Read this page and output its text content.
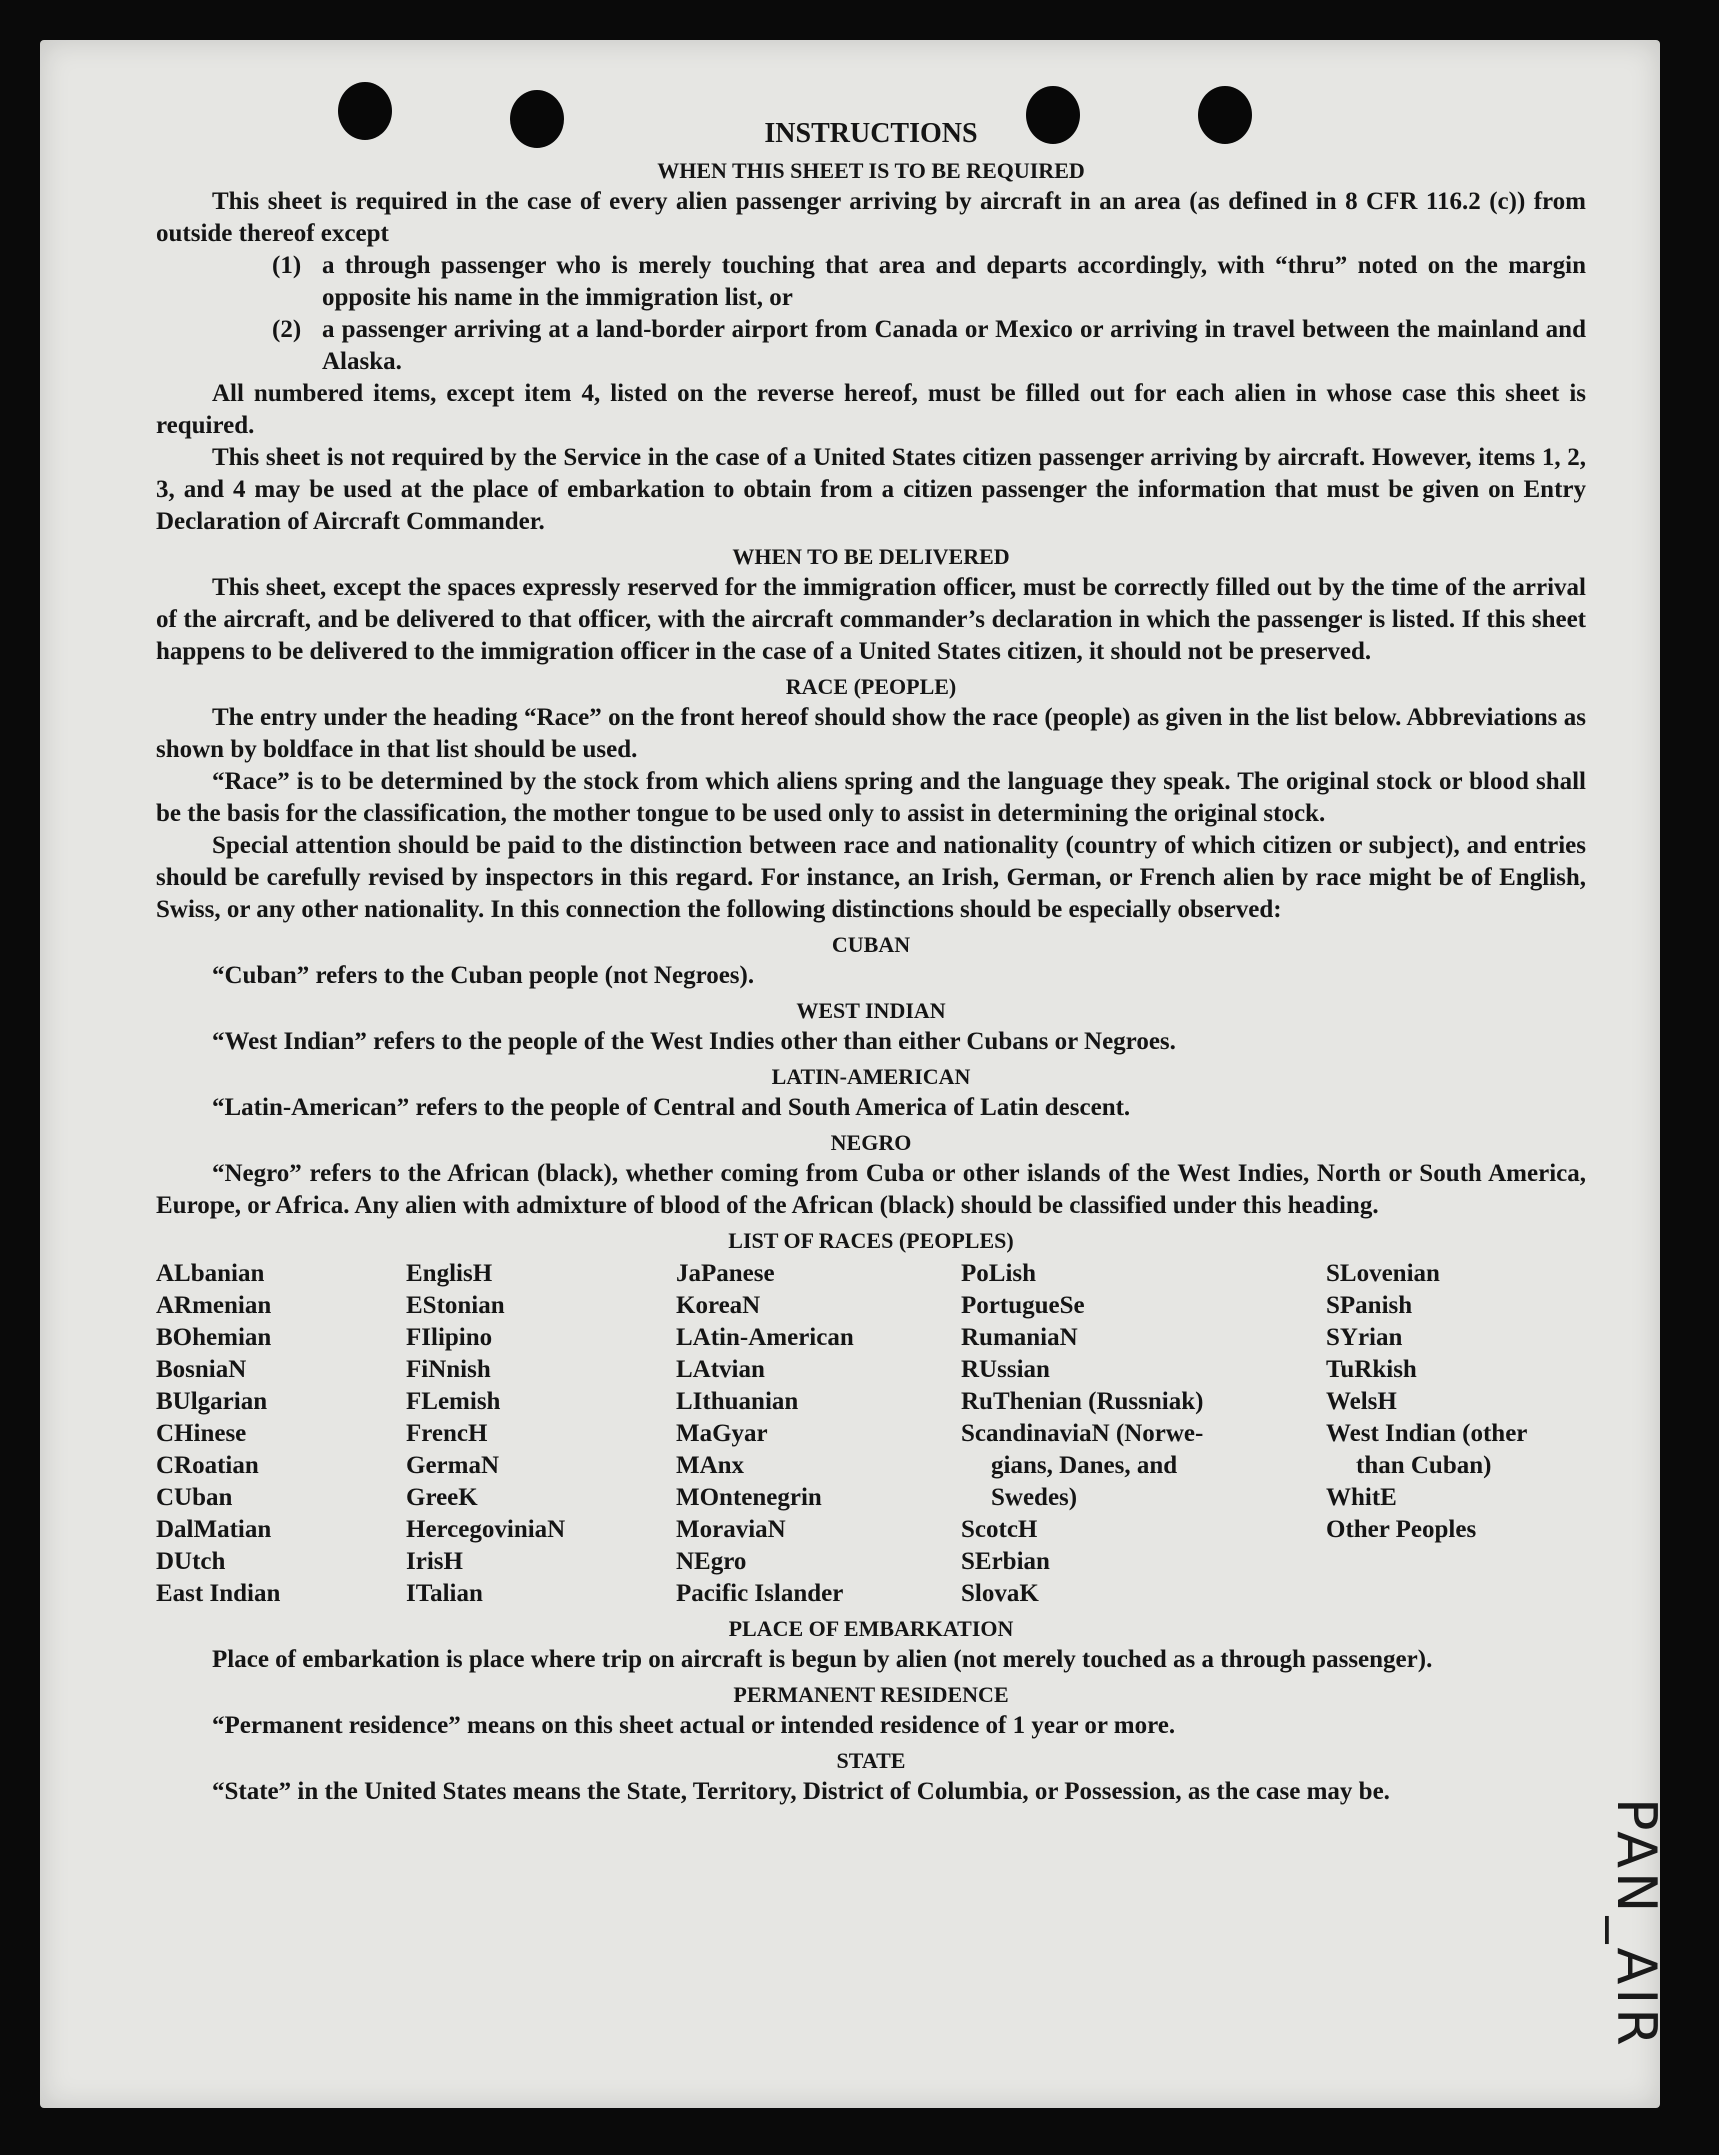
INSTRUCTIONS
WHEN THIS SHEET IS TO BE REQUIRED

This sheet is required in the case of every alien passenger arriving by aircraft in an area (as defined in 8 CFR 116.2 (c)) from outside thereof except

(1) a through passenger who is merely touching that area and departs accordingly, with “thru” noted on the margin opposite his name in the immigration list, or
(2) a passenger arriving at a land-border airport from Canada or Mexico or arriving in travel between the mainland and Alaska.

All numbered items, except item 4, listed on the reverse hereof, must be filled out for each alien in whose case this sheet is required.

This sheet is not required by the Service in the case of a United States citizen passenger arriving by aircraft. However, items 1, 2, 3, and 4 may be used at the place of embarkation to obtain from a citizen passenger the information that must be given on Entry Declaration of Aircraft Commander.

WHEN TO BE DELIVERED

This sheet, except the spaces expressly reserved for the immigration officer, must be correctly filled out by the time of the arrival of the aircraft, and be delivered to that officer, with the aircraft commander’s declaration in which the passenger is listed. If this sheet happens to be delivered to the immigration officer in the case of a United States citizen, it should not be preserved.

RACE (PEOPLE)

The entry under the heading “Race” on the front hereof should show the race (people) as given in the list below. Abbreviations as shown by boldface in that list should be used.

“Race” is to be determined by the stock from which aliens spring and the language they speak. The original stock or blood shall be the basis for the classification, the mother tongue to be used only to assist in determining the original stock.

Special attention should be paid to the distinction between race and nationality (country of which citizen or subject), and entries should be carefully revised by inspectors in this regard. For instance, an Irish, German, or French alien by race might be of English, Swiss, or any other nationality. In this connection the following distinctions should be especially observed:

CUBAN

“Cuban” refers to the Cuban people (not Negroes).

WEST INDIAN

“West Indian” refers to the people of the West Indies other than either Cubans or Negroes.

LATIN-AMERICAN

“Latin-American” refers to the people of Central and South America of Latin descent.

NEGRO

“Negro” refers to the African (black), whether coming from Cuba or other islands of the West Indies, North or South America, Europe, or Africa. Any alien with admixture of blood of the African (black) should be classified under this heading.

LIST OF RACES (PEOPLES)
ALbanian
ARmenian
BOhemian
BosniaN
BUlgarian
CHinese
CRoatian
CUban
DalMatian
DUtch
East Indian
EnglisH
EStonian
FIlipino
FiNnish
FLemish
FrencH
GermaN
GreeK
HercegoviniaN
IrisH
ITalian
JaPanese
KoreaN
LAtin-American
LAtvian
LIthuanian
MaGyar
MAnx
MOntenegrin
MoraviaN
NEgro
Pacific Islander
PoLish
PortugueSe
RumaniaN
RUssian
RuThenian (Russniak)
ScandinaviaN (Norwe-
gians, Danes, and
Swedes)
ScotcH
SErbian
SlovaK
SLovenian
SPanish
SYrian
TuRkish
WelsH
West Indian (other
than Cuban)
WhitE
Other Peoples
PLACE OF EMBARKATION

Place of embarkation is place where trip on aircraft is begun by alien (not merely touched as a through passenger).

PERMANENT RESIDENCE

“Permanent residence” means on this sheet actual or intended residence of 1 year or more.

STATE

“State” in the United States means the State, Territory, District of Columbia, or Possession, as the case may be.

PAN_AIR
